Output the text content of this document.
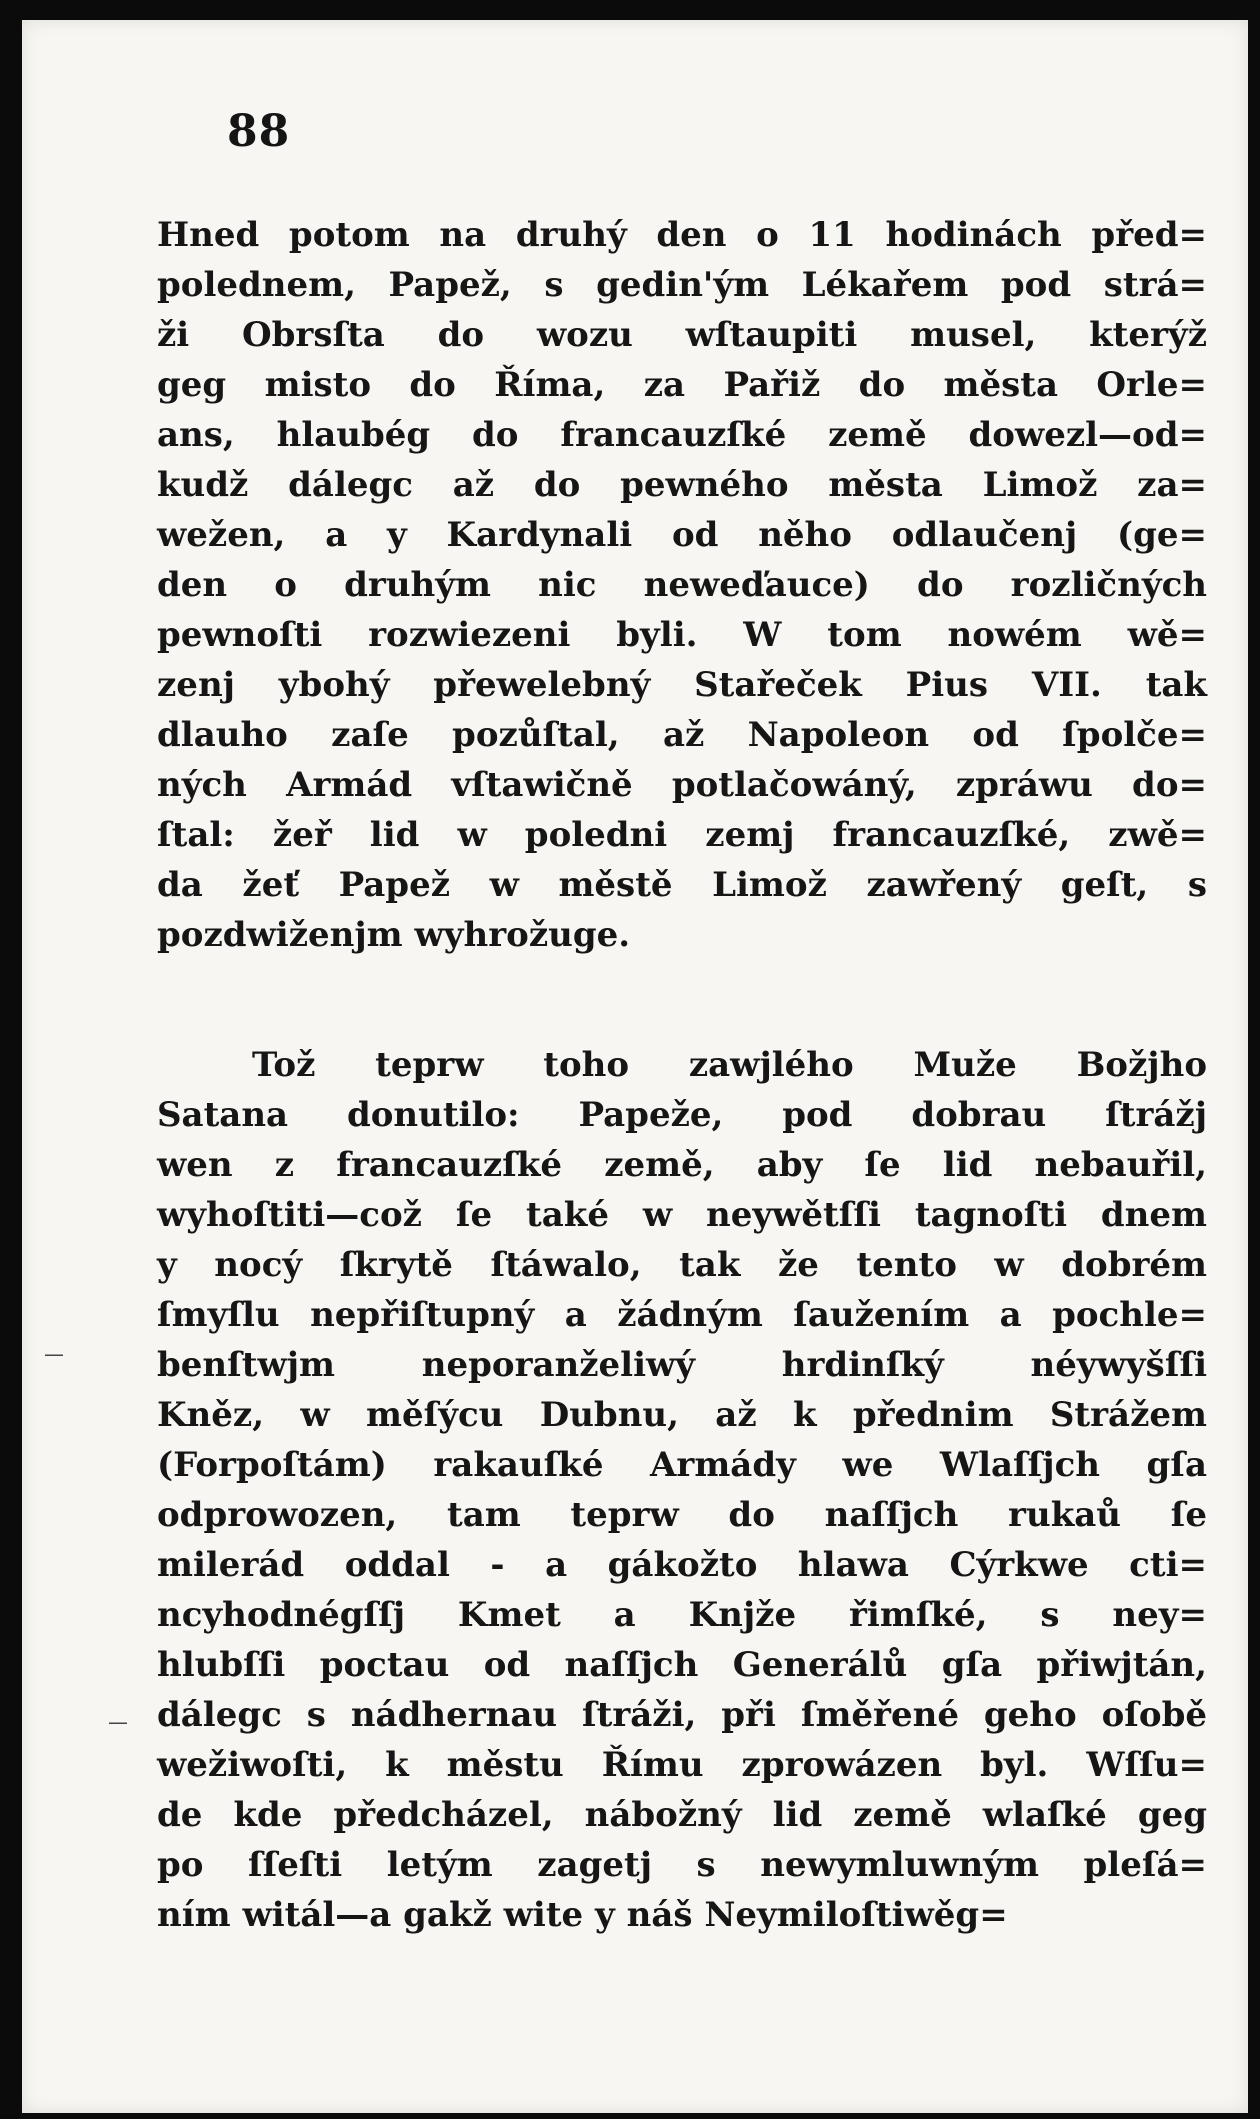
88
Hned potom na druhý den o 11 hodinách před=
polednem, Papež, s gedin'ým Lékařem pod strá=
ži Obrsſta do wozu wſtaupiti musel, kterýž
geg misto do Říma, za Pařiž do města Orle=
ans, hlaubég do francauzſké země dowezl—od=
kudž dálegc až do pewného města Limož za=
wežen, a y Kardynali od něho odlaučenj (ge=
den o druhým nic neweďauce) do rozličných
pewnoſti rozwiezeni byli. W tom nowém wě=
zenj ybohý přewelebný Stařeček Pius VII. tak
dlauho zaſe pozůſtal, až Napoleon od ſpolče=
ných Armád vſtawičně potlačowáný, zpráwu do=
ſtal: žeř lid w poledni zemj francauzſké, zwě=
da žeť Papež w městě Limož zawřený geſt, s
pozdwiženjm wyhrožuge.
Tož teprw toho zawjlého Muže Božjho
Satana donutilo: Papeže, pod dobrau ſtrážj
wen z francauzſké země, aby ſe lid nebauřil,
wyhoſtiti—což ſe také w neywětſſi tagnoſti dnem
y nocý ſkrytě ſtáwalo, tak že tento w dobrém
ſmyſlu nepřiſtupný a žádným ſaužením a pochle=
benſtwjm neporanželiwý hrdinſký néywyšſſi
Kněz, w měſýcu Dubnu, až k přednim Strážem
(Forpoſtám) rakauſké Armády we Wlaſſjch gſa
odprowozen, tam teprw do naſſjch rukaů ſe
milerád oddal - a gákožto hlawa Cýrkwe cti=
ncyhodnégſſj Kmet a Knjže řimſké, s ney=
hlubſſi poctau od naſſjch Generálů gſa přiwjtán,
dálegc s nádhernau ſtráži, při ſměřené geho oſobě
wežiwoſti, k městu Římu zprowázen byl. Wſſu=
de kde předcházel, nábožný lid země wlaſké geg
po ſſeſti letým zagetj s newymluwným pleſá=
ním witál—a gakž wite y náš Neymiloſtiwěg=
—
—
